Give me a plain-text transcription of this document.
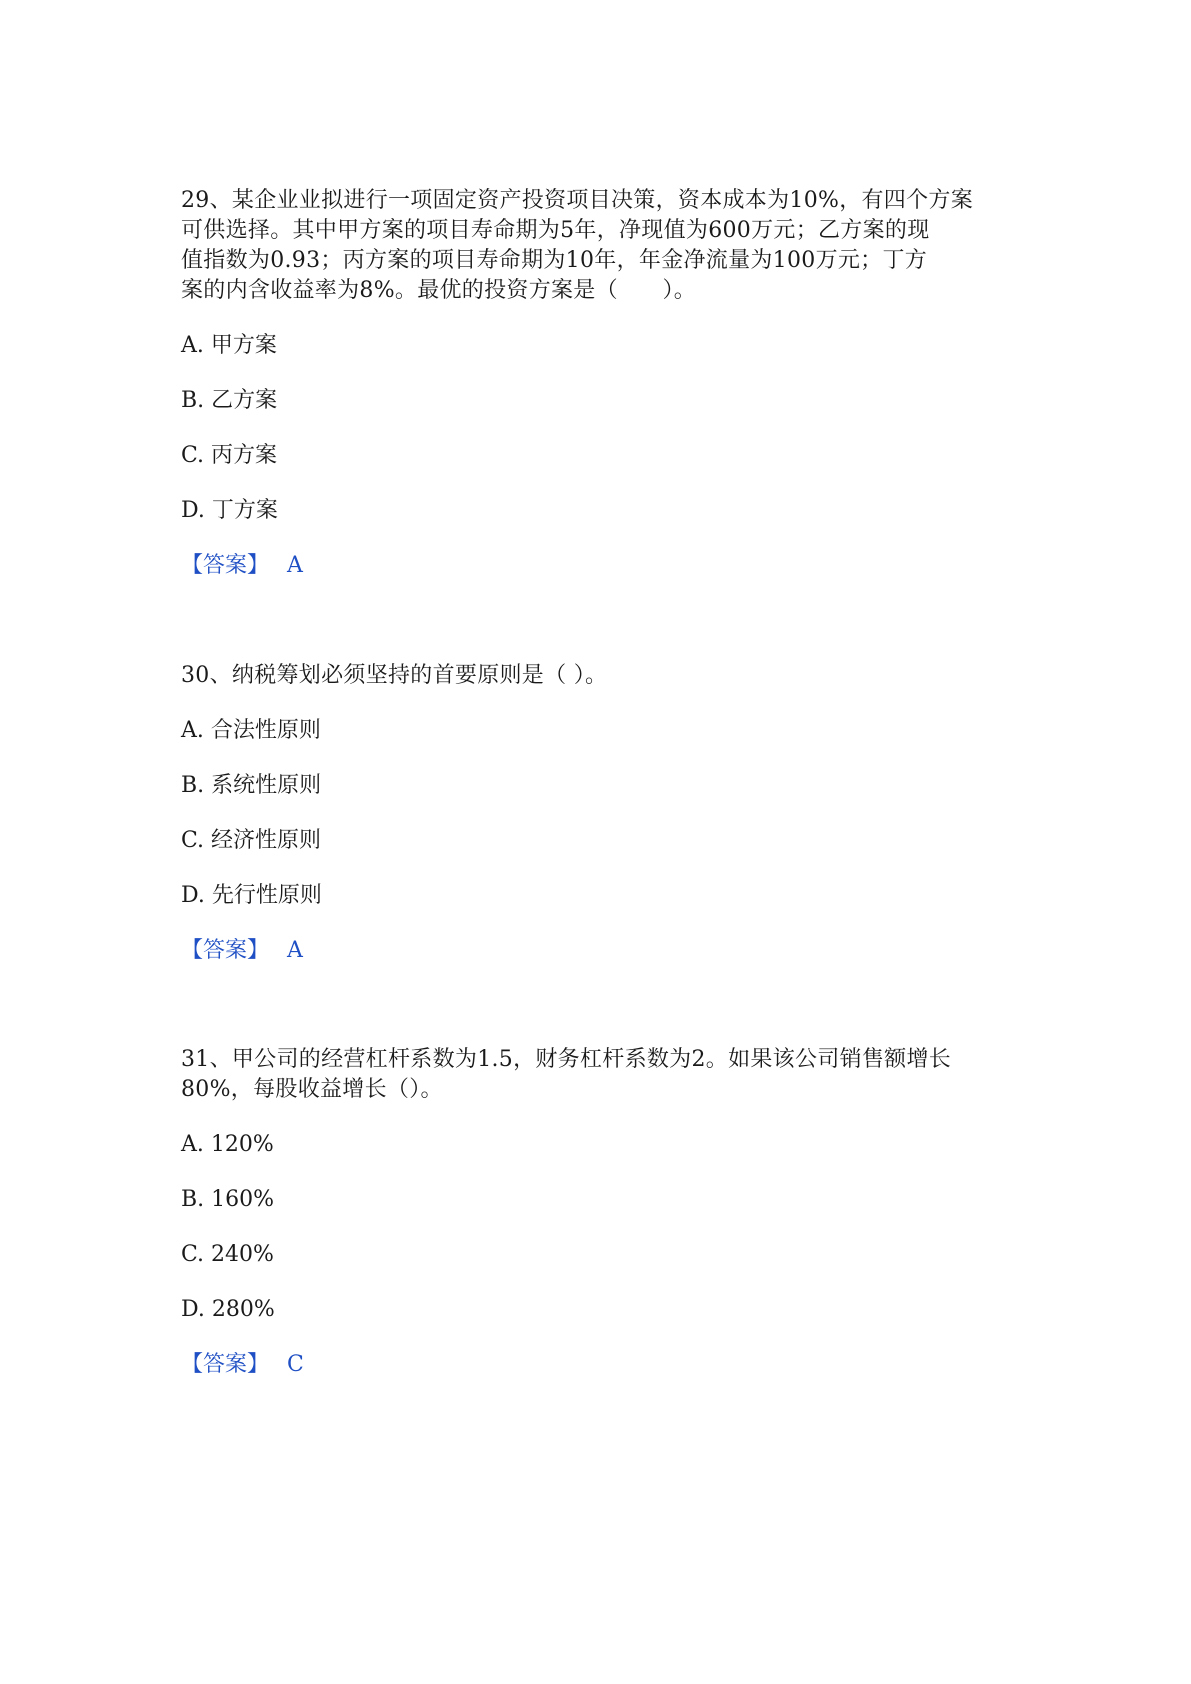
29、某企业业拟进行一项固定资产投资项目决策，资本成本为10%，有四个方案
可供选择。其中甲方案的项目寿命期为5年，净现值为600万元；乙方案的现
值指数为0.93；丙方案的项目寿命期为10年，年金净流量为100万元；丁方
案的内含收益率为8%。最优的投资方案是（　　）。

A. 甲方案

B. 乙方案

C. 丙方案

D. 丁方案

【答案】 A

30、纳税筹划必须坚持的首要原则是（ ）。

A. 合法性原则

B. 系统性原则

C. 经济性原则

D. 先行性原则

【答案】 A

31、甲公司的经营杠杆系数为1.5，财务杠杆系数为2。如果该公司销售额增长
80%，每股收益增长（）。

A. 120%

B. 160%

C. 240%

D. 280%

【答案】 C
